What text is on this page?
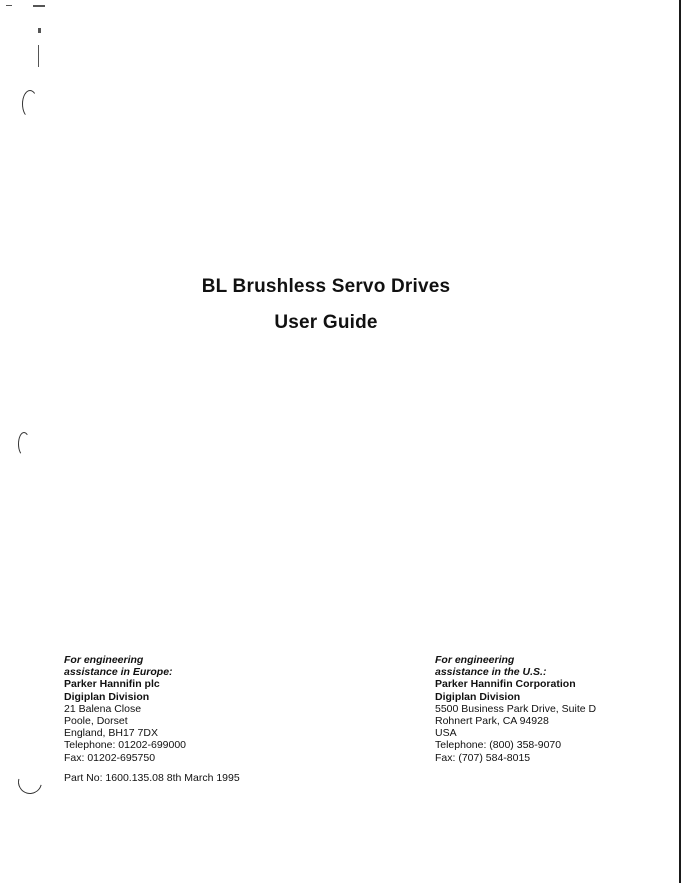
BL Brushless Servo Drives
User Guide
For engineering
assistance in Europe:
Parker Hannifin plc
Digiplan Division
21 Balena Close
Poole, Dorset
England, BH17 7DX
Telephone: 01202-699000
Fax: 01202-695750
For engineering
assistance in the U.S.:
Parker Hannifin Corporation
Digiplan Division
5500 Business Park Drive, Suite D
Rohnert Park, CA 94928
USA
Telephone: (800) 358-9070
Fax: (707) 584-8015
Part No: 1600.135.08 8th March 1995
